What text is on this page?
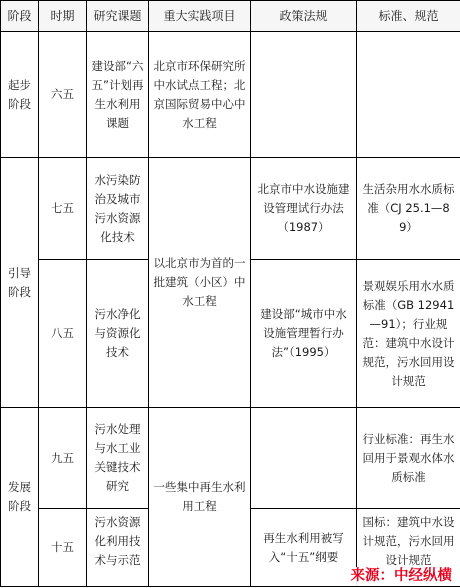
阶段	时期	研究课题	重大实践项目	政策法规	标准、规范
起步阶段	六五	建设部“六五”计划再生水利用课题	北京市环保研究所中水试点工程；北京国际贸易中心中水工程		
引导阶段	七五	水污染防治及城市污水资源化技术	以北京市为首的一批建筑（小区）中水工程	北京市中水设施建设管理试行办法（1987）	生活杂用水水质标准（CJ 25.1—89）
	八五	污水净化与资源化技术		建设部“城市中水设施管理暂行办法”（1995）	景观娱乐用水水质标准（GB 12941—91）；行业规范：建筑中水设计规范，污水回用设计规范
发展阶段	九五	污水处理与水工业关键技术研究	一些集中再生水利用工程		行业标准：再生水回用于景观水体水质标准
	十五	污水资源化利用技术与示范		再生水利用被写入“十五”纲要	国标：建筑中水设计规范，污水回用设计规范
来源：中经纵横
